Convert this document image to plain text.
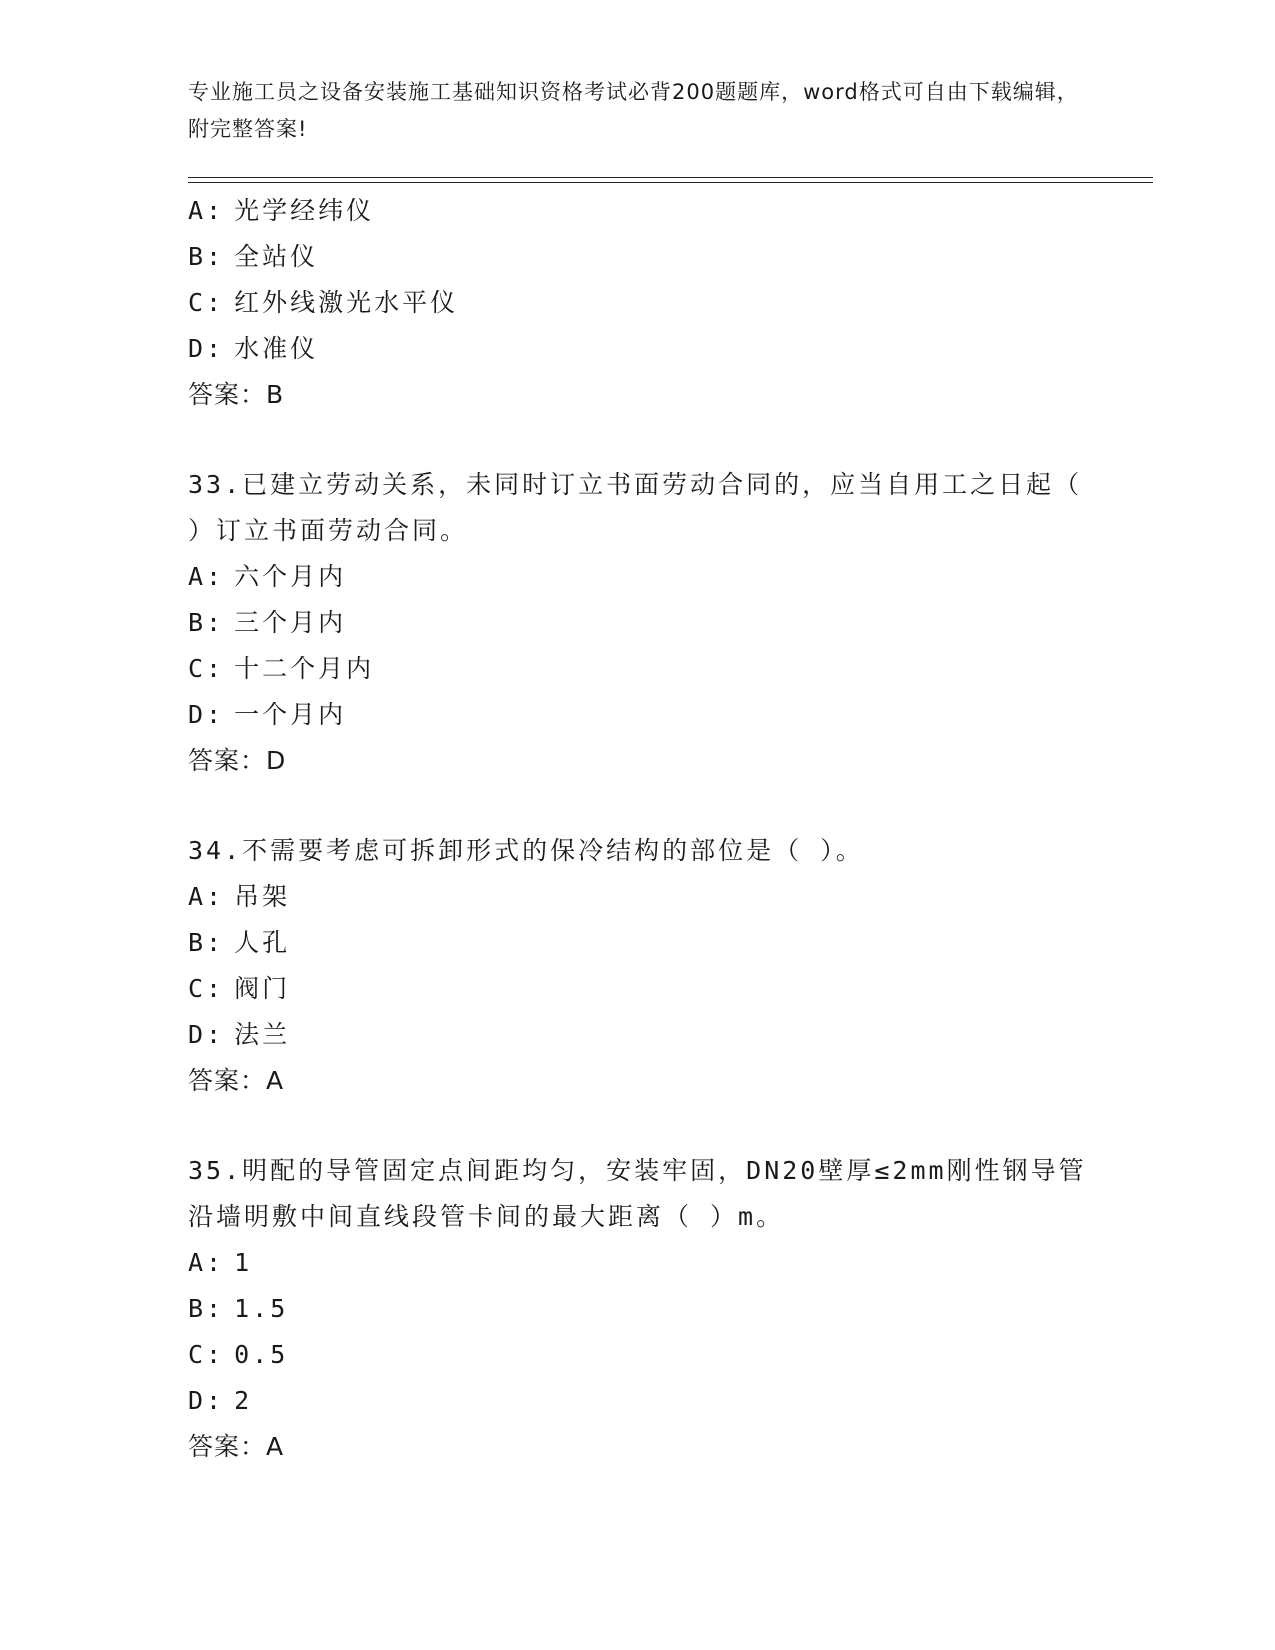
专业施工员之设备安装施工基础知识资格考试必背200题题库，word格式可自由下载编辑，附完整答案!
A: 光学经纬仪
B: 全站仪
C: 红外线激光水平仪
D: 水准仪
答案：B
33.已建立劳动关系，未同时订立书面劳动合同的，应当自用工之日起（ ）订立书面劳动合同。
A: 六个月内
B: 三个月内
C: 十二个月内
D: 一个月内
答案：D
34.不需要考虑可拆卸形式的保冷结构的部位是（ ）。
A: 吊架
B: 人孔
C: 阀门
D: 法兰
答案：A
35.明配的导管固定点间距均匀，安装牢固，DN20壁厚≤2mm刚性钢导管沿墙明敷中间直线段管卡间的最大距离（ ）m。
A: 1
B: 1.5
C: 0.5
D: 2
答案：A
